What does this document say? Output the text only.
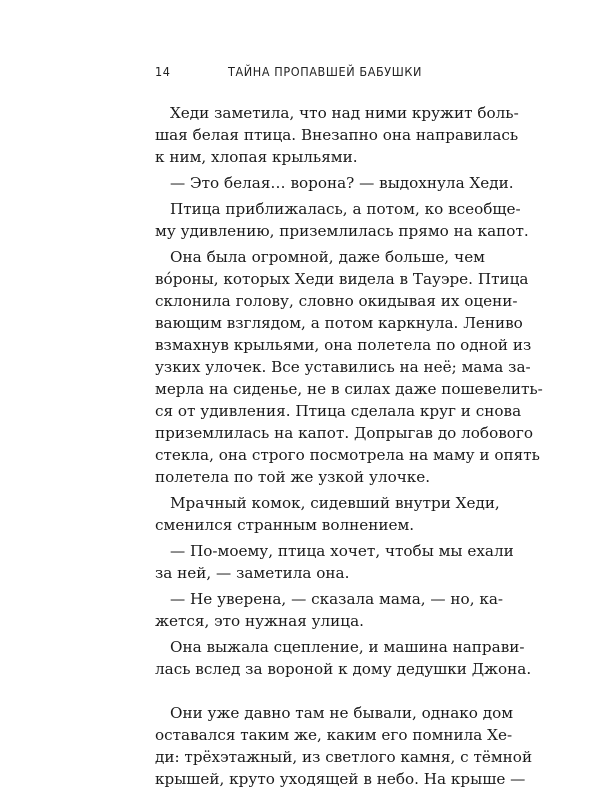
14	ТАЙНА ПРОПАВШЕЙ БАБУШКИ
Хеди заметила, что над ними кружит боль-
шая белая птица. Внезапно она направилась
к ним, хлопая крыльями.
— Это белая… ворона? — выдохнула Хеди.
Птица приближалась, а потом, ко всеобще-
му удивлению, приземлилась прямо на капот.
Она была огромной, даже больше, чем
вóроны, которых Хеди видела в Тауэре. Птица
склонила голову, словно окидывая их оцени-
вающим взглядом, а потом каркнула. Лениво
взмахнув крыльями, она полетела по одной из
узких улочек. Все уставились на неё; мама за-
мерла на сиденье, не в силах даже пошевелить-
ся от удивления. Птица сделала круг и снова
приземлилась на капот. Допрыгав до лобового
стекла, она строго посмотрела на маму и опять
полетела по той же узкой улочке.
Мрачный комок, сидевший внутри Хеди,
сменился странным волнением.
— По-моему, птица хочет, чтобы мы ехали
за ней, — заметила она.
— Не уверена, — сказала мама, — но, ка-
жется, это нужная улица.
Она выжала сцепление, и машина направи-
лась вслед за вороной к дому дедушки Джона.
Они уже давно там не бывали, однако дом
оставался таким же, каким его помнила Хе-
ди: трёхэтажный, из светлого камня, с тёмной
крышей, круто уходящей в небо. На крыше —
